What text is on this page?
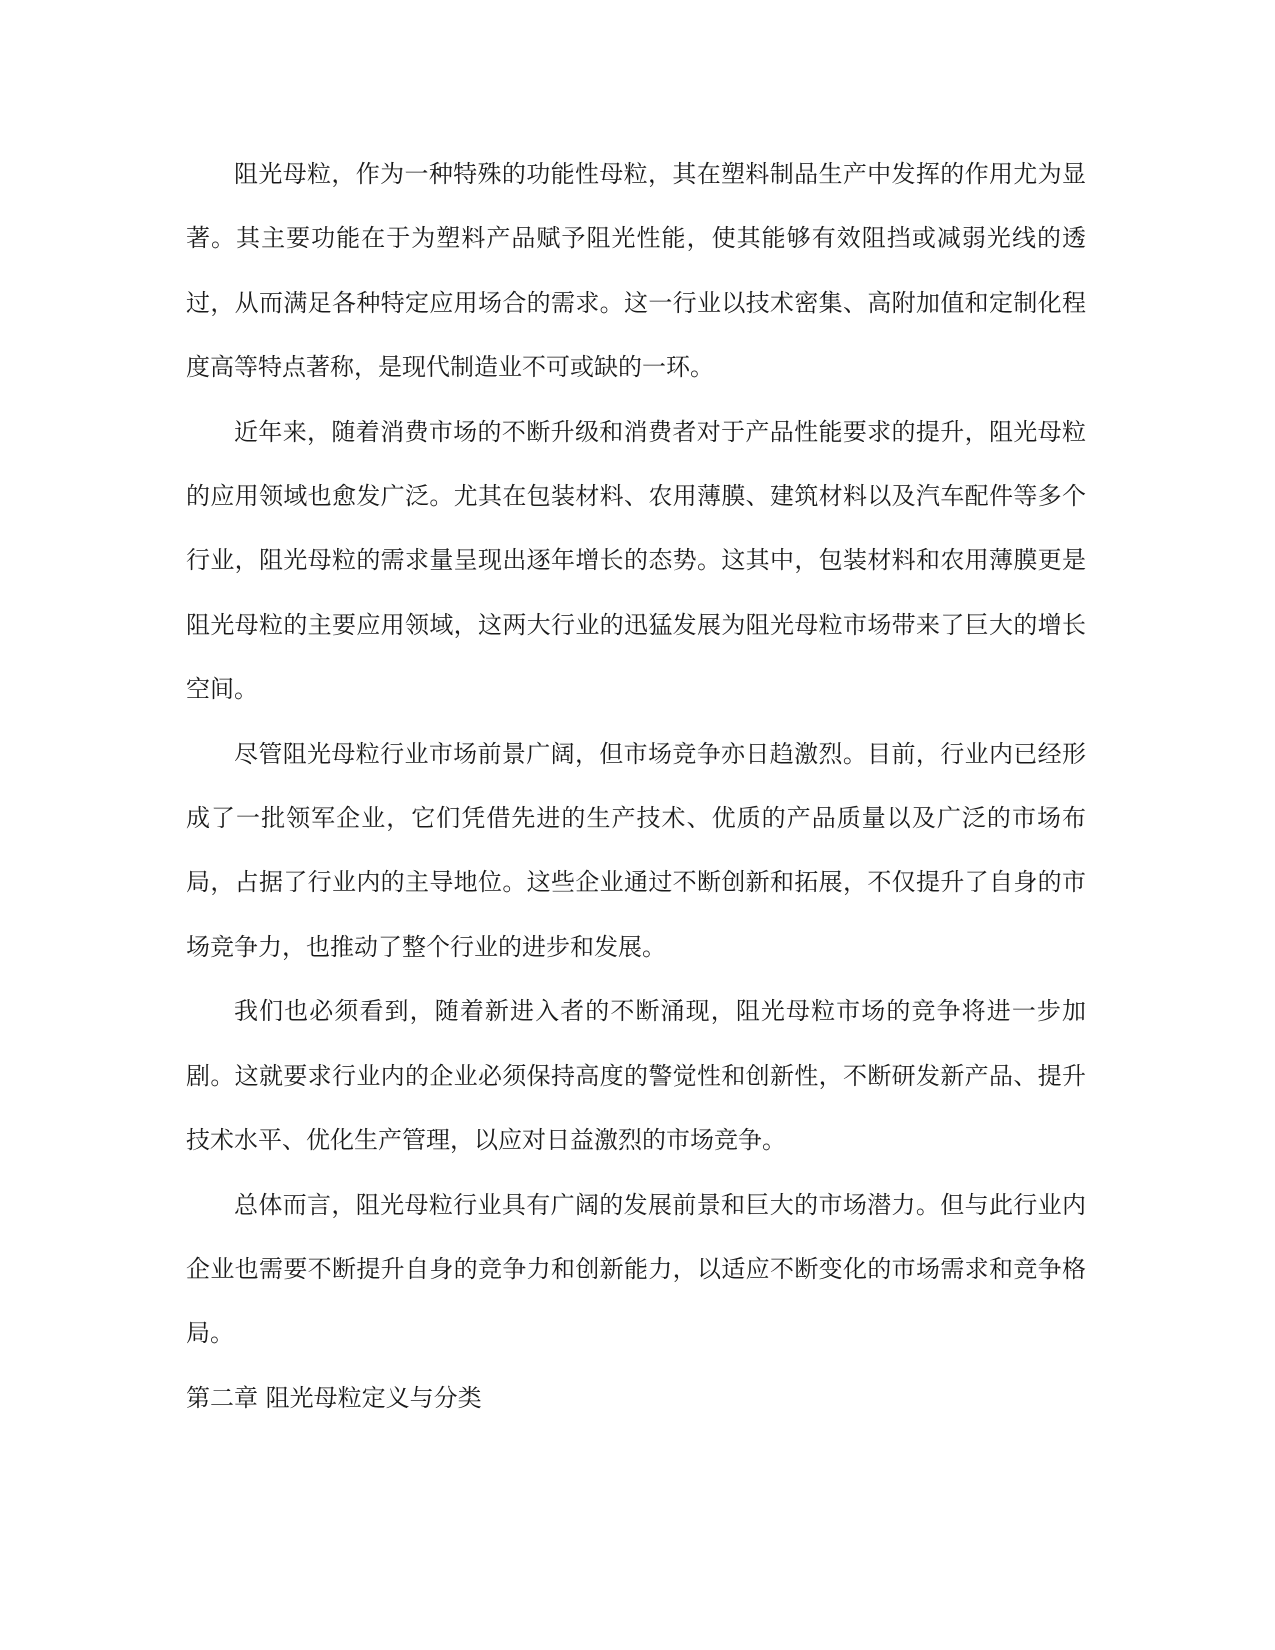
阻光母粒，作为一种特殊的功能性母粒，其在塑料制品生产中发挥的作用尤为显著。其主要功能在于为塑料产品赋予阻光性能，使其能够有效阻挡或减弱光线的透过，从而满足各种特定应用场合的需求。这一行业以技术密集、高附加值和定制化程度高等特点著称，是现代制造业不可或缺的一环。

近年来，随着消费市场的不断升级和消费者对于产品性能要求的提升，阻光母粒的应用领域也愈发广泛。尤其在包装材料、农用薄膜、建筑材料以及汽车配件等多个行业，阻光母粒的需求量呈现出逐年增长的态势。这其中，包装材料和农用薄膜更是阻光母粒的主要应用领域，这两大行业的迅猛发展为阻光母粒市场带来了巨大的增长空间。

尽管阻光母粒行业市场前景广阔，但市场竞争亦日趋激烈。目前，行业内已经形成了一批领军企业，它们凭借先进的生产技术、优质的产品质量以及广泛的市场布局，占据了行业内的主导地位。这些企业通过不断创新和拓展，不仅提升了自身的市场竞争力，也推动了整个行业的进步和发展。

我们也必须看到，随着新进入者的不断涌现，阻光母粒市场的竞争将进一步加剧。这就要求行业内的企业必须保持高度的警觉性和创新性，不断研发新产品、提升技术水平、优化生产管理，以应对日益激烈的市场竞争。

总体而言，阻光母粒行业具有广阔的发展前景和巨大的市场潜力。但与此行业内企业也需要不断提升自身的竞争力和创新能力，以适应不断变化的市场需求和竞争格局。

第二章 阻光母粒定义与分类
